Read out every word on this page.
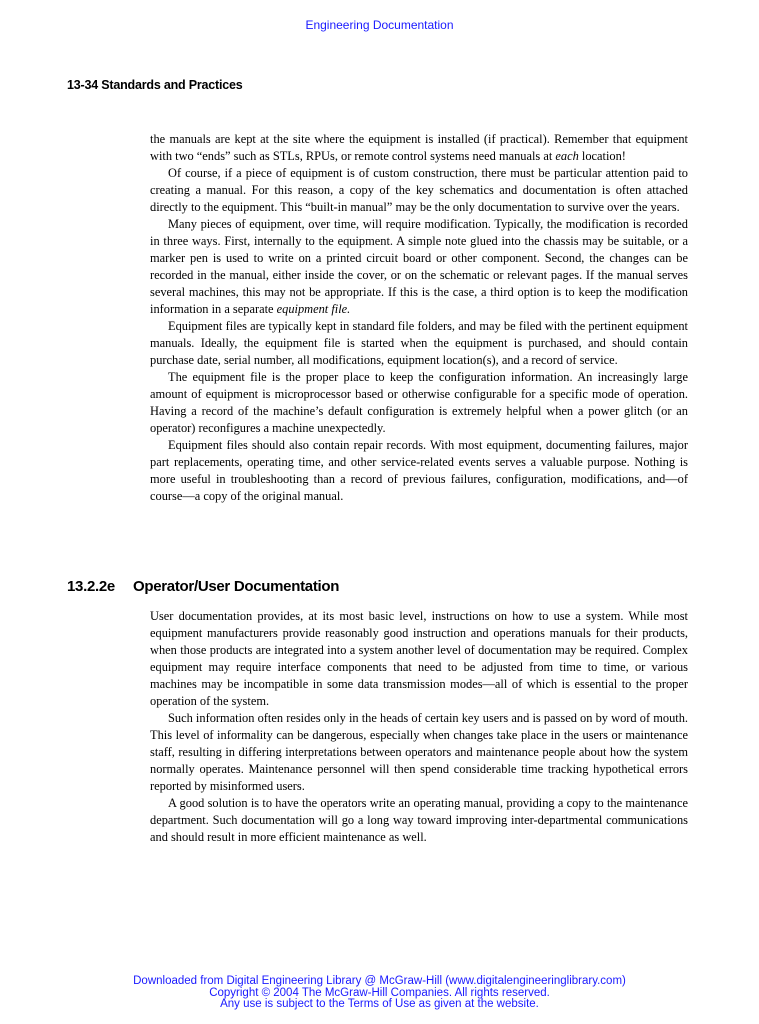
Engineering Documentation
13-34 Standards and Practices

the manuals are kept at the site where the equipment is installed (if practical). Remember that equipment with two “ends” such as STLs, RPUs, or remote control systems need manuals at each location!

Of course, if a piece of equipment is of custom construction, there must be particular attention paid to creating a manual. For this reason, a copy of the key schematics and documentation is often attached directly to the equipment. This “built-in manual” may be the only documentation to survive over the years.

Many pieces of equipment, over time, will require modification. Typically, the modification is recorded in three ways. First, internally to the equipment. A simple note glued into the chassis may be suitable, or a marker pen is used to write on a printed circuit board or other component. Second, the changes can be recorded in the manual, either inside the cover, or on the schematic or relevant pages. If the manual serves several machines, this may not be appropriate. If this is the case, a third option is to keep the modification information in a separate equipment file.

Equipment files are typically kept in standard file folders, and may be filed with the pertinent equipment manuals. Ideally, the equipment file is started when the equipment is purchased, and should contain purchase date, serial number, all modifications, equipment location(s), and a record of service.

The equipment file is the proper place to keep the configuration information. An increasingly large amount of equipment is microprocessor based or otherwise configurable for a specific mode of operation. Having a record of the machine’s default configuration is extremely helpful when a power glitch (or an operator) reconfigures a machine unexpectedly.

Equipment files should also contain repair records. With most equipment, documenting failures, major part replacements, operating time, and other service-related events serves a valuable purpose. Nothing is more useful in troubleshooting than a record of previous failures, configuration, modifications, and—of course—a copy of the original manual.

13.2.2e Operator/User Documentation

User documentation provides, at its most basic level, instructions on how to use a system. While most equipment manufacturers provide reasonably good instruction and operations manuals for their products, when those products are integrated into a system another level of documentation may be required. Complex equipment may require interface components that need to be adjusted from time to time, or various machines may be incompatible in some data transmission modes—all of which is essential to the proper operation of the system.

Such information often resides only in the heads of certain key users and is passed on by word of mouth. This level of informality can be dangerous, especially when changes take place in the users or maintenance staff, resulting in differing interpretations between operators and maintenance people about how the system normally operates. Maintenance personnel will then spend considerable time tracking hypothetical errors reported by misinformed users.

A good solution is to have the operators write an operating manual, providing a copy to the maintenance department. Such documentation will go a long way toward improving inter-departmental communications and should result in more efficient maintenance as well.

Downloaded from Digital Engineering Library @ McGraw-Hill (www.digitalengineeringlibrary.com)
Copyright © 2004 The McGraw-Hill Companies. All rights reserved.
Any use is subject to the Terms of Use as given at the website.
